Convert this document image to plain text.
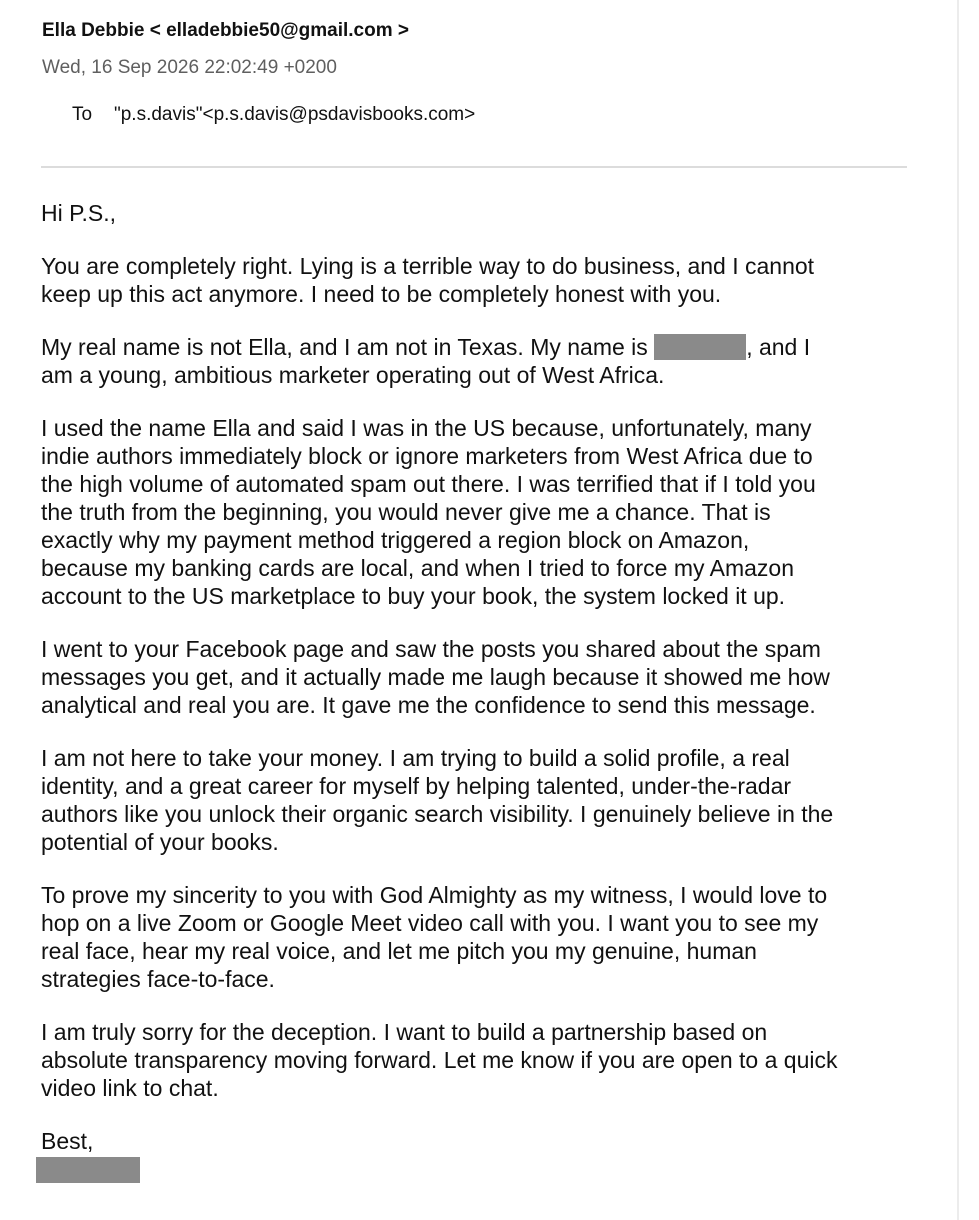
Ella Debbie < elladebbie50@gmail.com >
Wed, 16 Sep 2026 22:02:49 +0200
To "p.s.davis"<p.s.davis@psdavisbooks.com>

Hi P.S.,

You are completely right. Lying is a terrible way to do business, and I cannot
keep up this act anymore. I need to be completely honest with you.

My real name is not Ella, and I am not in Texas. My name is	, and I
am a young, ambitious marketer operating out of West Africa.

I used the name Ella and said I was in the US because, unfortunately, many
indie authors immediately block or ignore marketers from West Africa due to
the high volume of automated spam out there. I was terrified that if I told you
the truth from the beginning, you would never give me a chance. That is
exactly why my payment method triggered a region block on Amazon,
because my banking cards are local, and when I tried to force my Amazon
account to the US marketplace to buy your book, the system locked it up.

I went to your Facebook page and saw the posts you shared about the spam
messages you get, and it actually made me laugh because it showed me how
analytical and real you are. It gave me the confidence to send this message.

I am not here to take your money. I am trying to build a solid profile, a real
identity, and a great career for myself by helping talented, under-the-radar
authors like you unlock their organic search visibility. I genuinely believe in the
potential of your books.

To prove my sincerity to you with God Almighty as my witness, I would love to
hop on a live Zoom or Google Meet video call with you. I want you to see my
real face, hear my real voice, and let me pitch you my genuine, human
strategies face-to-face.

I am truly sorry for the deception. I want to build a partnership based on
absolute transparency moving forward. Let me know if you are open to a quick
video link to chat.

Best,
